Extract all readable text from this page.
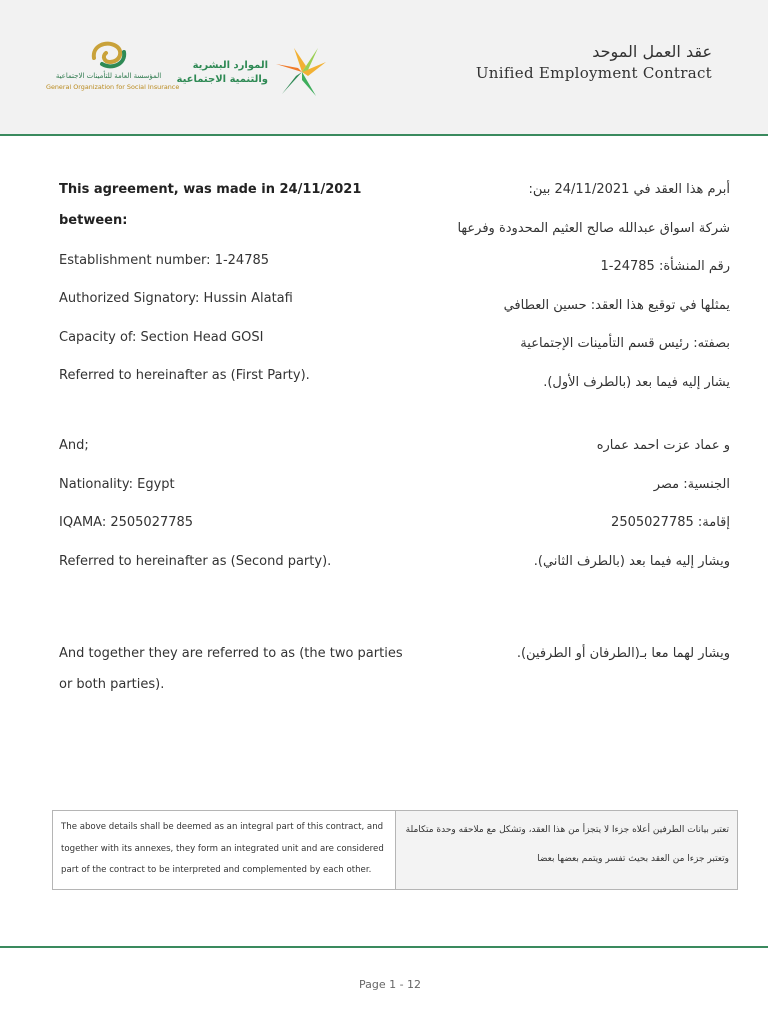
المؤسسة العامة للتأمينات الاجتماعية
General Organization for Social Insurance
الموارد البشرية
والتنمية الاجتماعية
عقد العمل الموحد
Unified Employment Contract
This agreement, was made in 24/11/2021
between:
Establishment number: 1-24785
Authorized Signatory: Hussin Alatafi
Capacity of: Section Head GOSI
Referred to hereinafter as (First Party).
أبرم هذا العقد في 24/11/2021 بين:
شركة اسواق عبدالله صالح العثيم المحدودة وفرعها
رقم المنشأة: 24785-1
يمثلها في توقيع هذا العقد: حسين العطافي
بصفته: رئيس قسم التأمينات الإجتماعية
يشار إليه فيما بعد (بالطرف الأول).
And;
Nationality: Egypt
IQAMA: 2505027785
Referred to hereinafter as (Second party).
و عماد عزت احمد عماره
الجنسية: مصر
إقامة: 2505027785
ويشار إليه فيما بعد (بالطرف الثاني).
And together they are referred to as (the two parties
or both parties).
ويشار لهما معا بـ(الطرفان أو الطرفين).
The above details shall be deemed as an integral part of this contract, and together with its annexes, they form an integrated unit and are considered part of the contract to be interpreted and complemented by each other.
تعتبر بيانات الطرفين أعلاه جزءا لا يتجزأ من هذا العقد، وتشكل مع ملاحقه وحدة متكاملة وتعتبر جزءا من العقد بحيث تفسر ويتمم بعضها بعضا
Page 1 - 12
